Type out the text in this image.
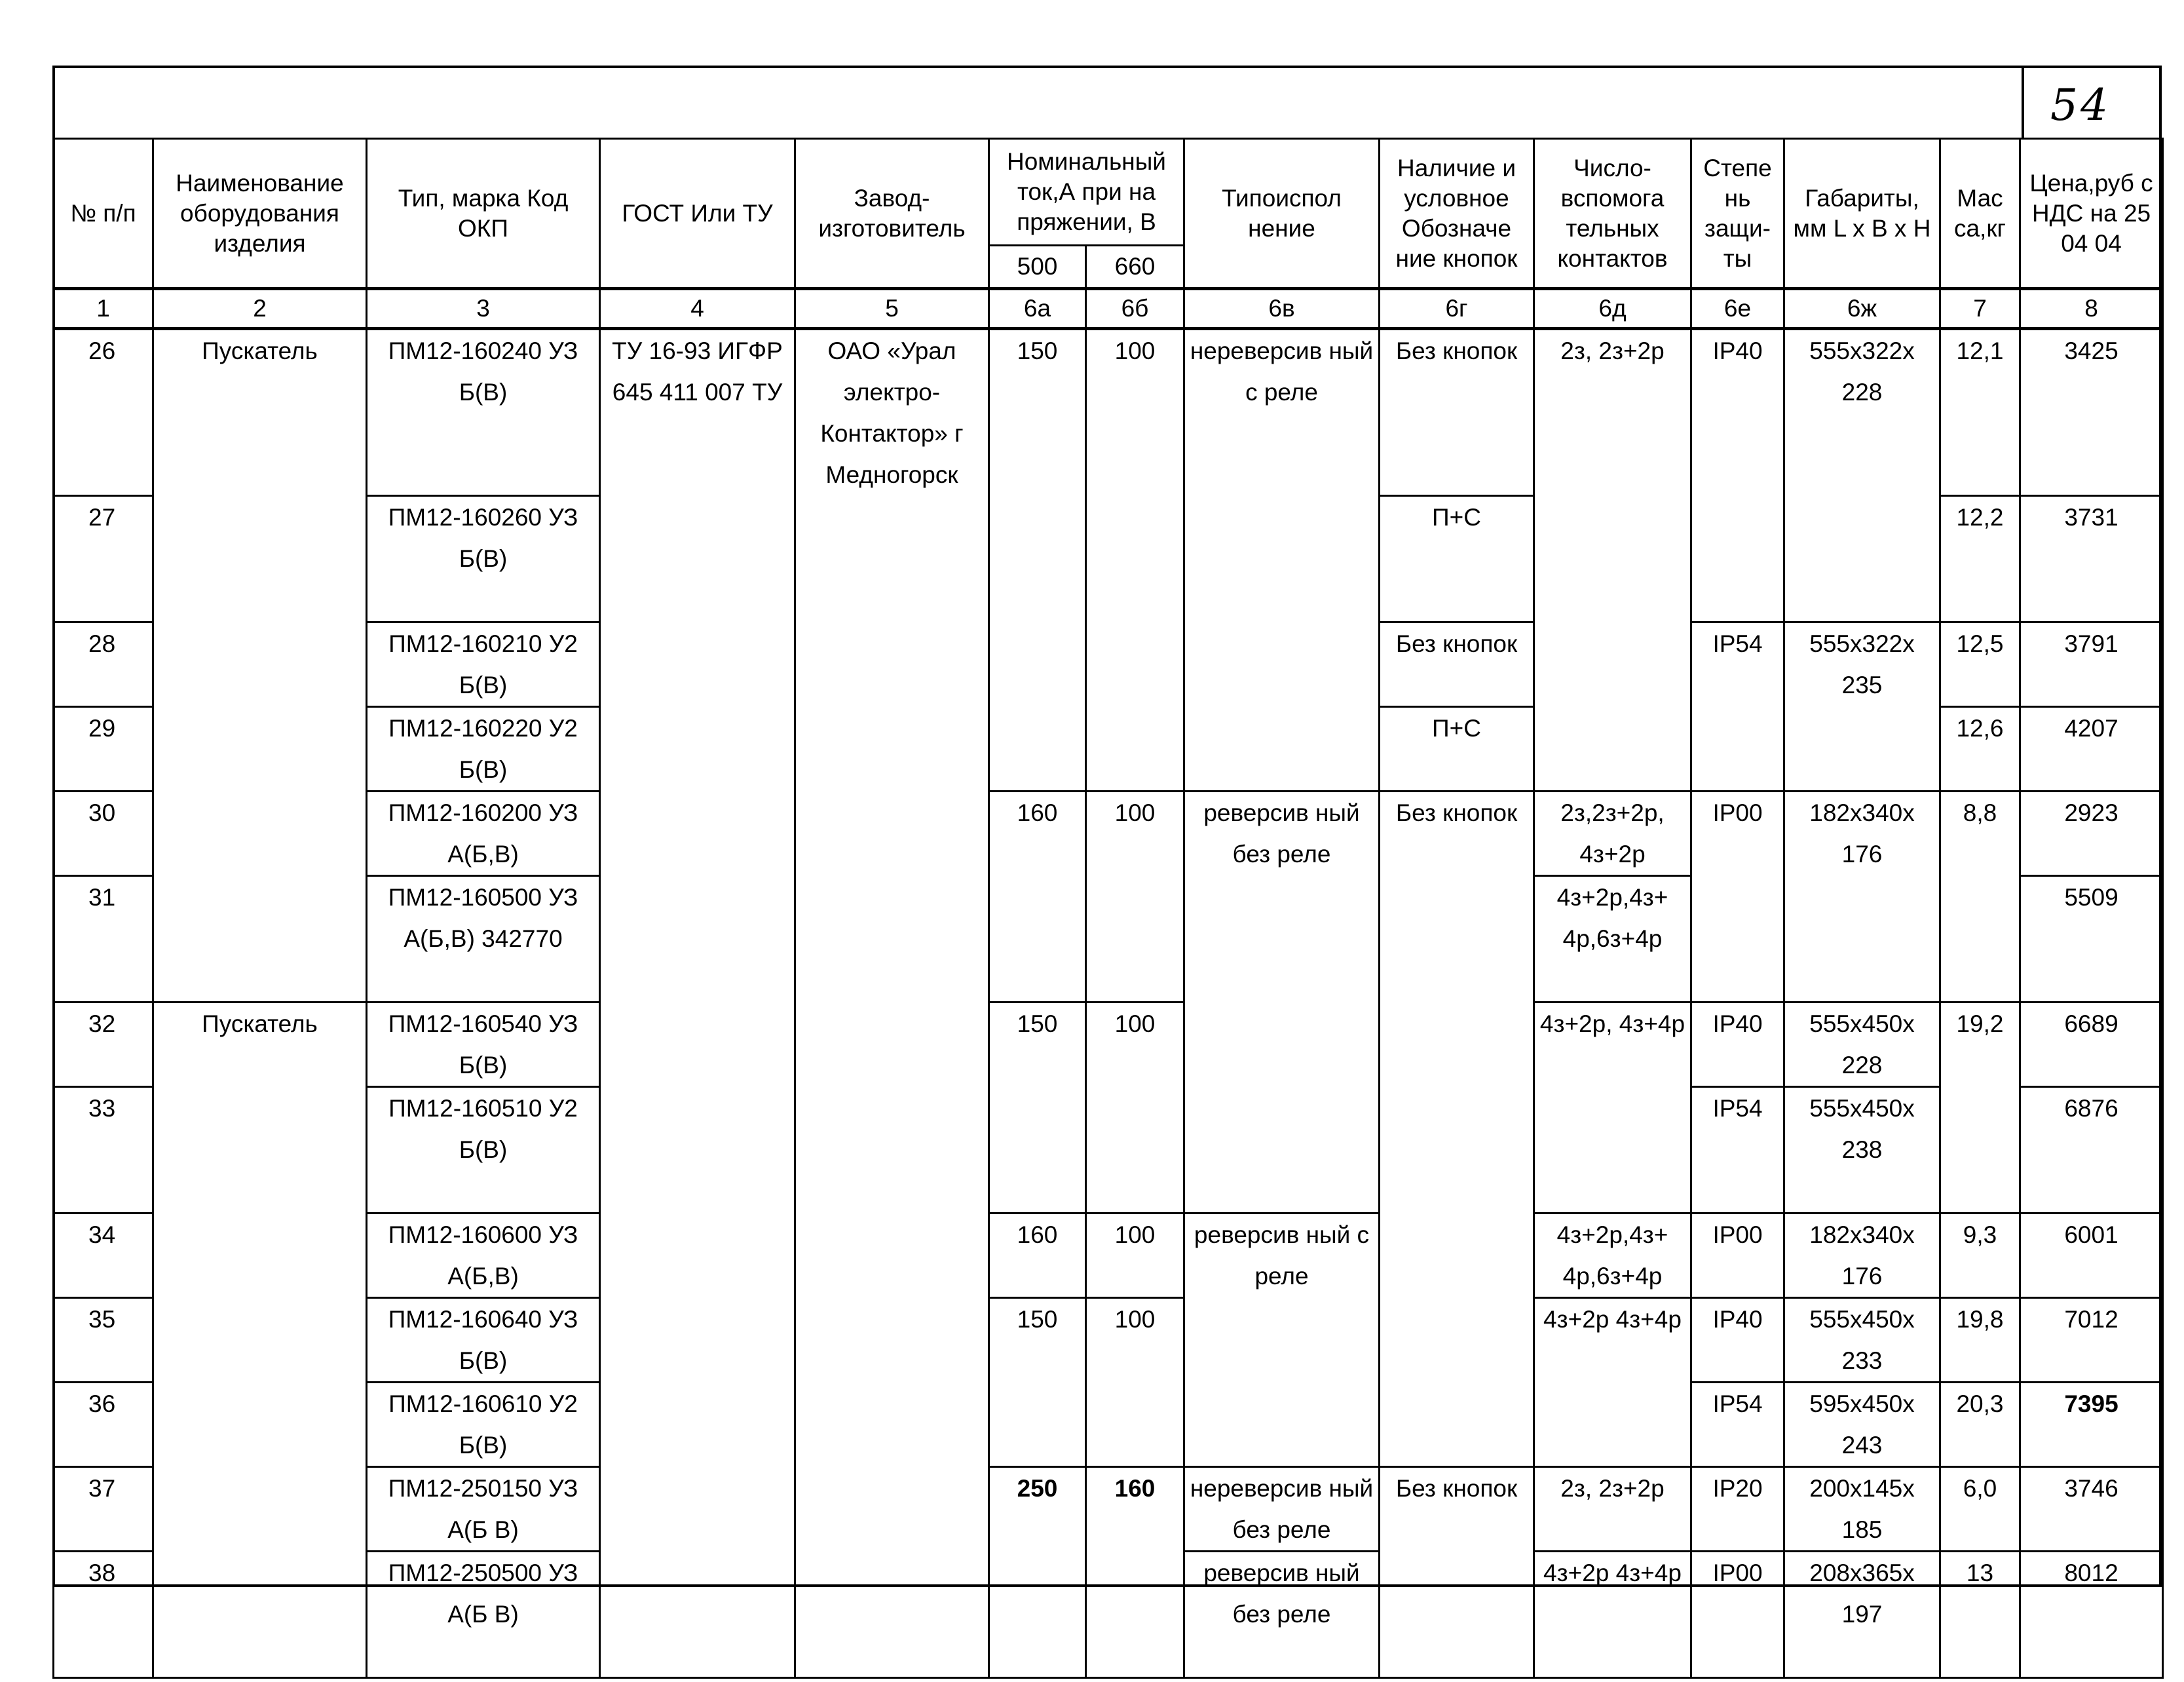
54
№ п/п	Наименование оборудования изделия	Тип, марка Код ОКП	ГОСТ Или ТУ	Завод-изготовитель	Номинальный ток,А при на пряжении, В		Типоиспол нение	Наличие и условное Обозначе ние кнопок	Число-вспомога тельных контактов	Степе нь защи-ты	Габариты, мм L x B x H	Мас са,кг	Цена,руб с НДС на 25 04 04
					500	660							
1	2	3	4	5	6а	6б	6в	6г	6д	6е	6ж	7	8
26	Пускатель	ПМ12-160240 УЗ Б(В)	ТУ 16-93 ИГФР 645 411 007 ТУ	ОАО «Урал электро-Контактор» г Медногорск	150	100	нереверсив ный с реле	Без кнопок	2з, 2з+2р	IP40	555x322x 228	12,1	3425
27		ПМ12-160260 УЗ Б(В)						П+С				12,2	3731
28		ПМ12-160210 У2 Б(В)						Без кнопок		IP54	555x322x 235	12,5	3791
29		ПМ12-160220 У2 Б(В)						П+С				12,6	4207
30		ПМ12-160200 УЗ А(Б,В)			160	100	реверсив ный без реле	Без кнопок	2з,2з+2р, 4з+2р	IP00	182x340x 176	8,8	2923
31		ПМ12-160500 УЗ А(Б,В) 342770							4з+2р,4з+ 4р,6з+4р				5509
32	Пускатель	ПМ12-160540 УЗ Б(В)			150	100			4з+2р, 4з+4р	IP40	555x450x 228	19,2	6689
33		ПМ12-160510 У2 Б(В)								IP54	555x450x 238		6876
34		ПМ12-160600 УЗ А(Б,В)			160	100	реверсив ный с реле		4з+2р,4з+ 4р,6з+4р	IP00	182x340x 176	9,3	6001
35		ПМ12-160640 УЗ Б(В)			150	100			4з+2р 4з+4р	IP40	555x450x 233	19,8	7012
36		ПМ12-160610 У2 Б(В)								IP54	595x450x 243	20,3	7395
37		ПМ12-250150 УЗ А(Б В)			250	160	нереверсив ный без реле	Без кнопок	2з, 2з+2р	IP20	200x145x 185	6,0	3746
38		ПМ12-250500 УЗ А(Б В)					реверсив ный без реле		4з+2р 4з+4р	IP00	208x365x 197	13	8012
